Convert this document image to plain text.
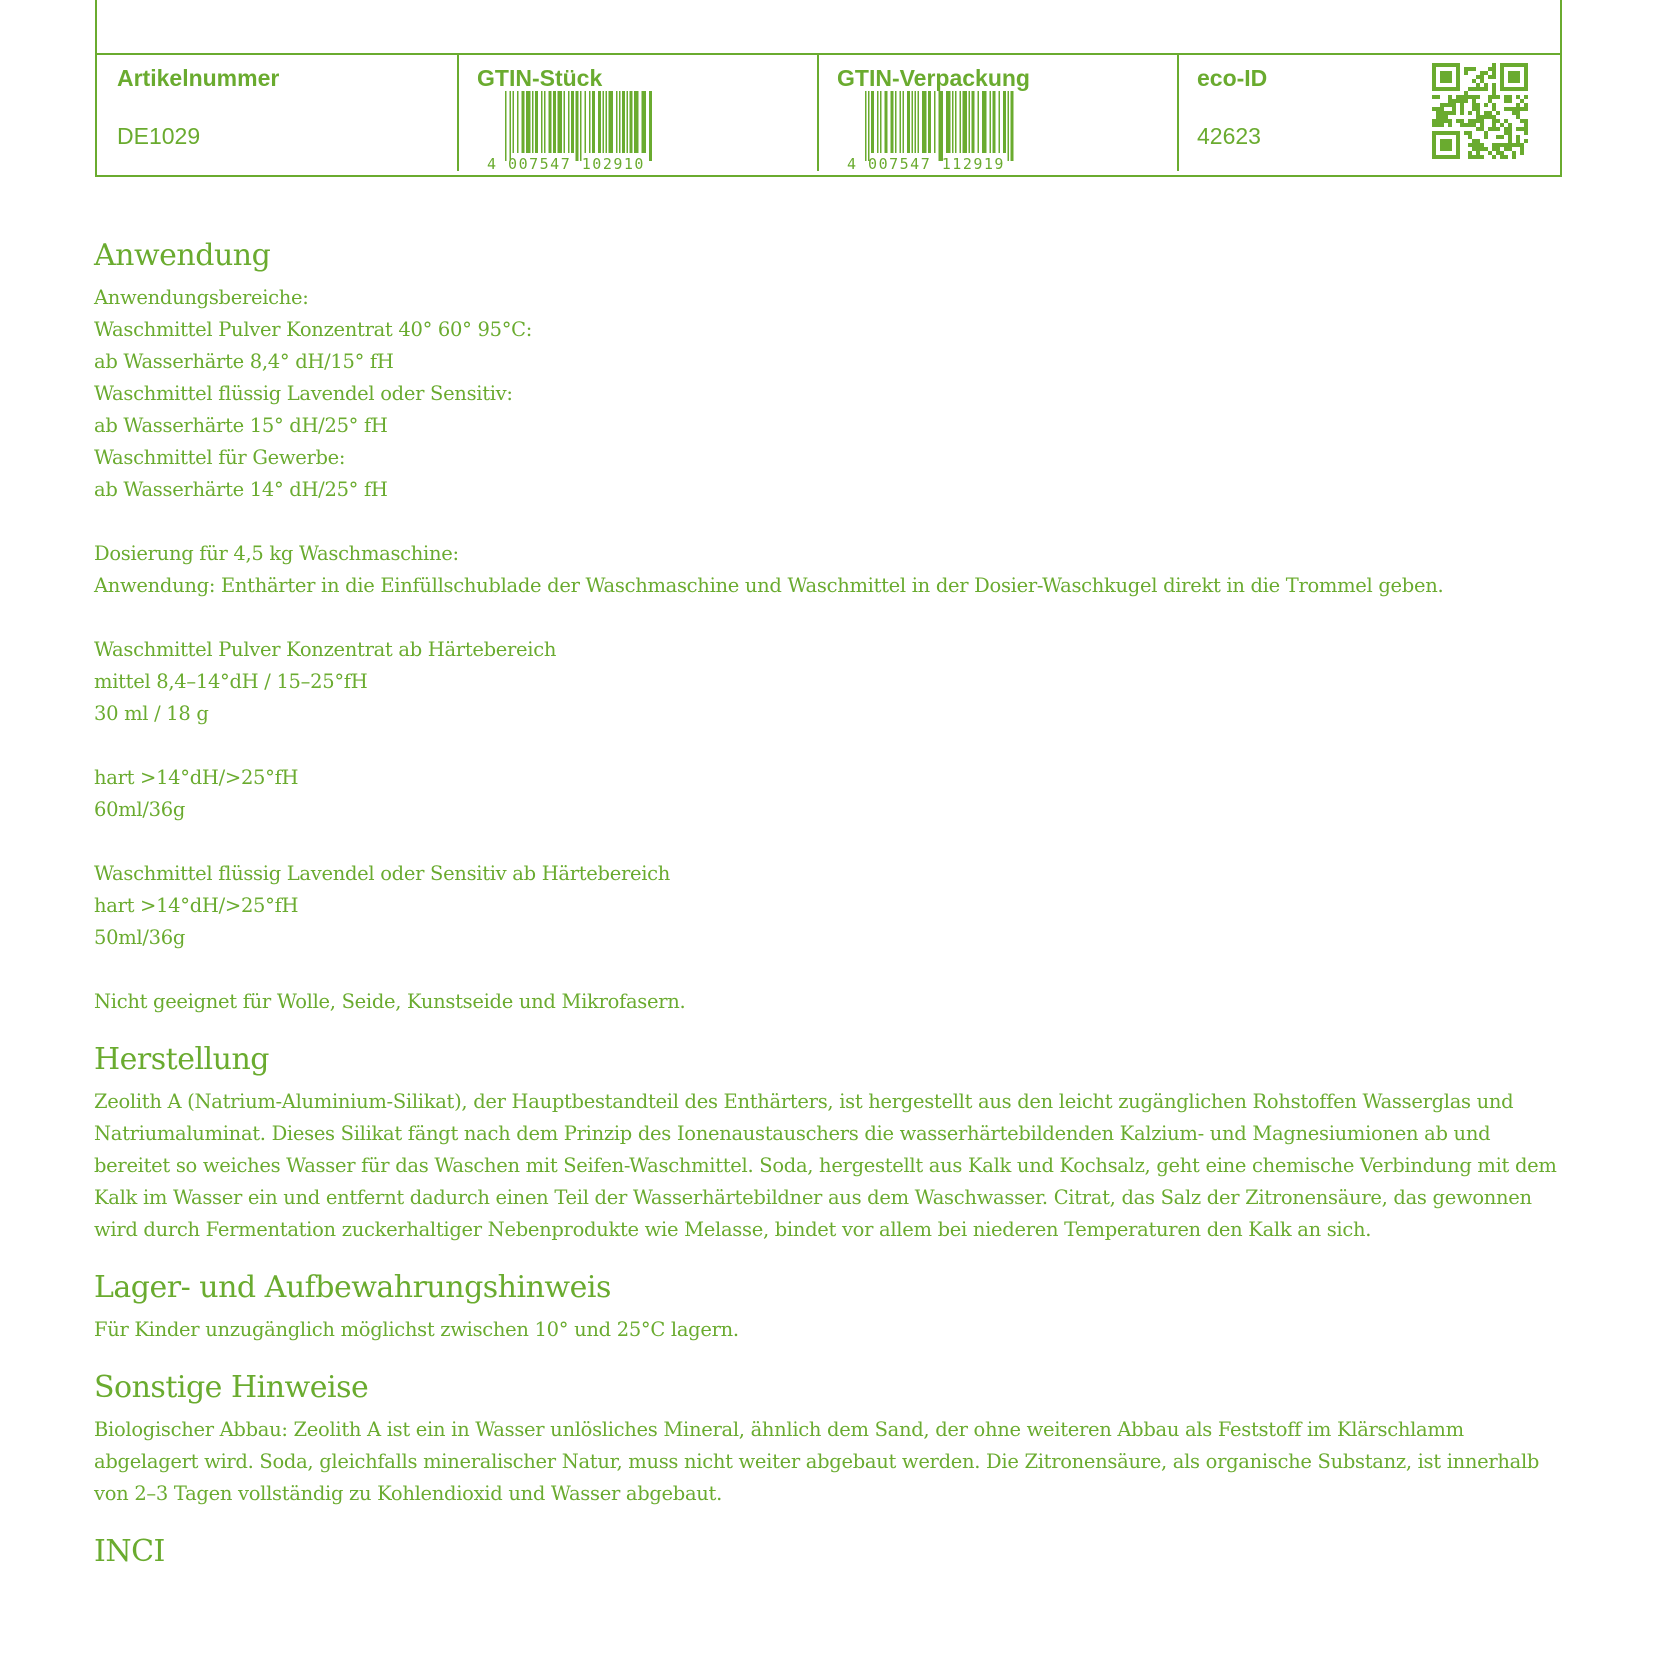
Artikelnummer
DE1029
GTIN-Stück
4 007547 102910
GTIN-Verpackung
4 007547 112919
eco-ID
42623
Anwendung

Anwendungsbereiche:
Waschmittel Pulver Konzentrat 40° 60° 95°C:
ab Wasserhärte 8,4° dH/15° fH
Waschmittel flüssig Lavendel oder Sensitiv:
ab Wasserhärte 15° dH/25° fH
Waschmittel für Gewerbe:
ab Wasserhärte 14° dH/25° fH

Dosierung für 4,5 kg Waschmaschine:
Anwendung: Enthärter in die Einfüllschublade der Waschmaschine und Waschmittel in der Dosier-Waschkugel direkt in die Trommel geben.

Waschmittel Pulver Konzentrat ab Härtebereich
mittel 8,4–14°dH / 15–25°fH
30 ml / 18 g

hart >14°dH/>25°fH
60ml/36g

Waschmittel flüssig Lavendel oder Sensitiv ab Härtebereich
hart >14°dH/>25°fH
50ml/36g

Nicht geeignet für Wolle, Seide, Kunstseide und Mikrofasern.

Herstellung

Zeolith A (Natrium-Aluminium-Silikat), der Hauptbestandteil des Enthärters, ist hergestellt aus den leicht zugänglichen Rohstoffen Wasserglas und Natriumaluminat. Dieses Silikat fängt nach dem Prinzip des Ionenaustauschers die wasserhärtebildenden Kalzium- und Magnesiumionen ab und bereitet so weiches Wasser für das Waschen mit Seifen-Waschmittel. Soda, hergestellt aus Kalk und Kochsalz, geht eine chemische Verbindung mit dem Kalk im Wasser ein und entfernt dadurch einen Teil der Wasserhärtebildner aus dem Waschwasser. Citrat, das Salz der Zitronensäure, das gewonnen wird durch Fermentation zuckerhaltiger Nebenprodukte wie Melasse, bindet vor allem bei niederen Temperaturen den Kalk an sich.

Lager- und Aufbewahrungshinweis

Für Kinder unzugänglich möglichst zwischen 10° und 25°C lagern.

Sonstige Hinweise

Biologischer Abbau: Zeolith A ist ein in Wasser unlösliches Mineral, ähnlich dem Sand, der ohne weiteren Abbau als Feststoff im Klärschlamm abgelagert wird. Soda, gleichfalls mineralischer Natur, muss nicht weiter abgebaut werden. Die Zitronensäure, als organische Substanz, ist innerhalb von 2–3 Tagen vollständig zu Kohlendioxid und Wasser abgebaut.

INCI
